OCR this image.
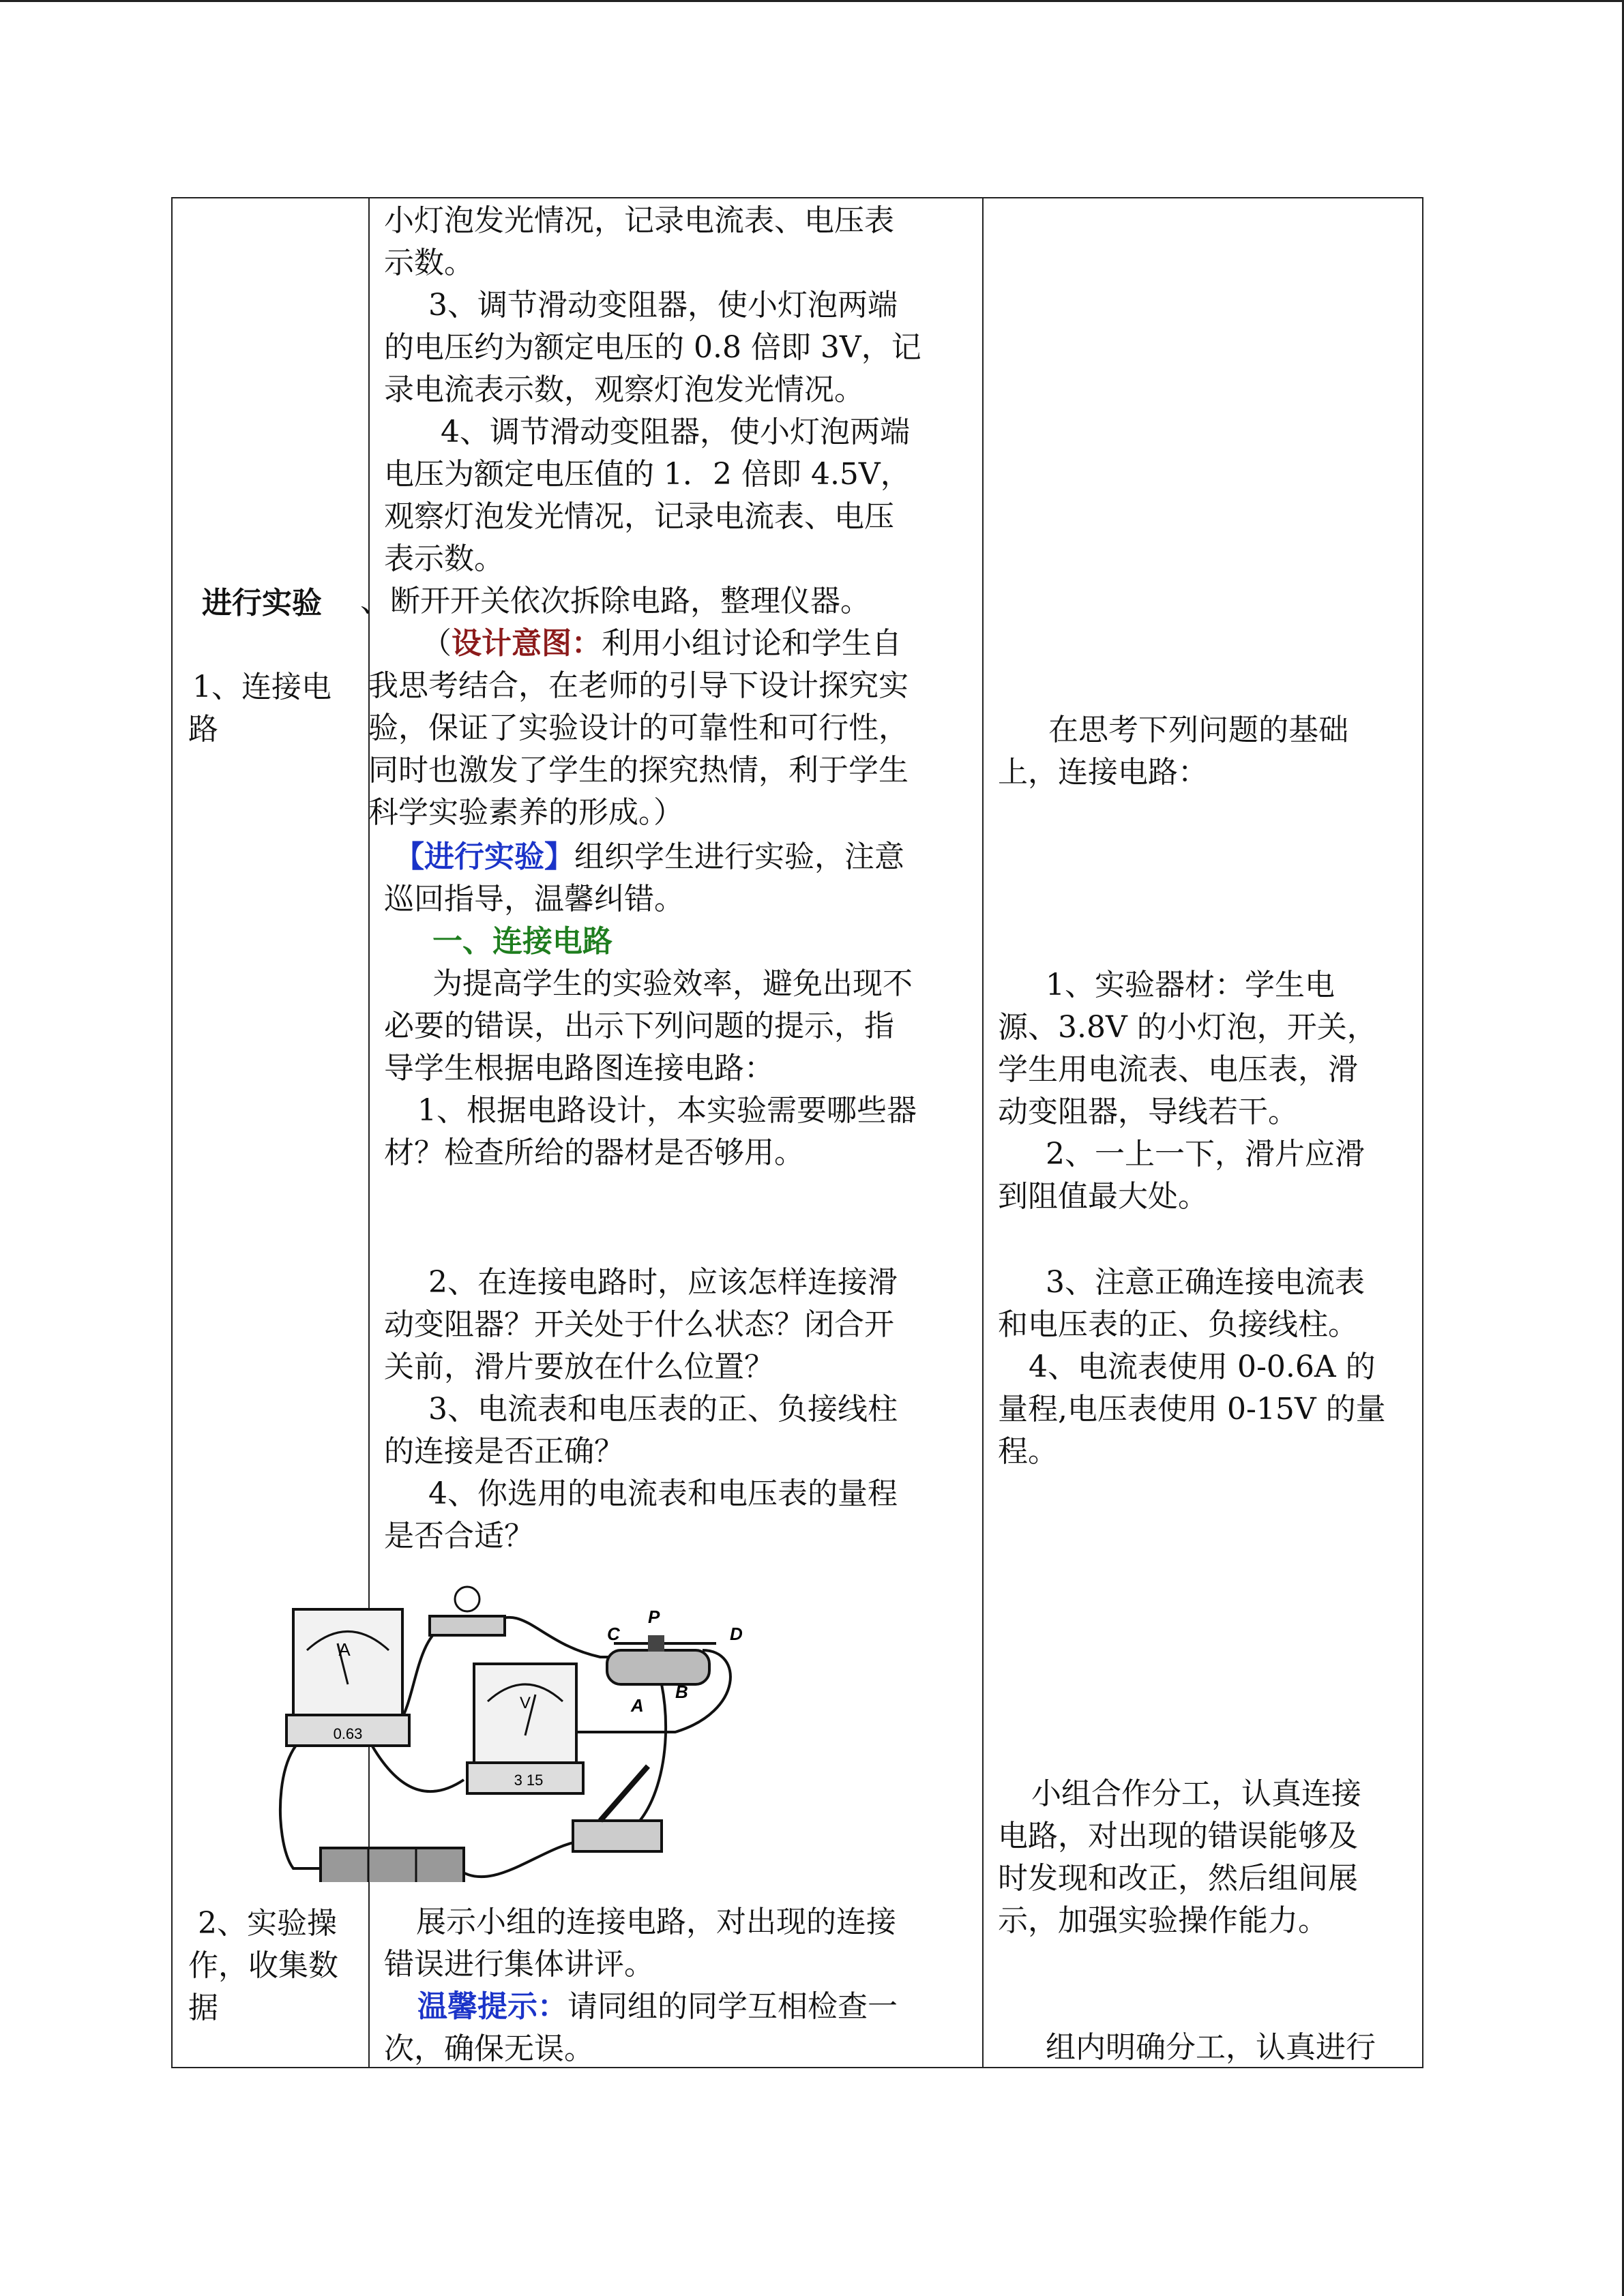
进行实验
1、连接电
路
2、实验操
作，收集数
据
小灯泡发光情况，记录电流表、电压表
示数。
3、调节滑动变阻器，使小灯泡两端
的电压约为额定电压的 0.8 倍即 3V，记
录电流表示数，观察灯泡发光情况。
4、调节滑动变阻器，使小灯泡两端
电压为额定电压值的 1．2 倍即 4.5V，
观察灯泡发光情况，记录电流表、电压
表示数。
、断开开关依次拆除电路，整理仪器。
（设计意图：利用小组讨论和学生自
我思考结合，在老师的引导下设计探究实
验，保证了实验设计的可靠性和可行性，
同时也激发了学生的探究热情，利于学生
科学实验素养的形成。）
【进行实验】组织学生进行实验，注意
巡回指导，温馨纠错。
一、连接电路
为提高学生的实验效率，避免出现不
必要的错误，出示下列问题的提示，指
导学生根据电路图连接电路：
1、根据电路设计，本实验需要哪些器
材？检查所给的器材是否够用。
2、在连接电路时，应该怎样连接滑
动变阻器？开关处于什么状态？闭合开
关前，滑片要放在什么位置？
3、电流表和电压表的正、负接线柱
的连接是否正确？
4、你选用的电流表和电压表的量程
是否合适？
A
0.63
V
3 15
C
P
D
A
B
展示小组的连接电路，对出现的连接
错误进行集体讲评。
温馨提示：请同组的同学互相检查一
次，确保无误。
在思考下列问题的基础
上，连接电路：
1、实验器材：学生电
源、3.8V 的小灯泡，开关，
学生用电流表、电压表，滑
动变阻器，导线若干。
2、一上一下，滑片应滑
到阻值最大处。
3、注意正确连接电流表
和电压表的正、负接线柱。
4、电流表使用 0-0.6A 的
量程,电压表使用 0-15V 的量
程。
小组合作分工，认真连接
电路，对出现的错误能够及
时发现和改正，然后组间展
示，加强实验操作能力。
组内明确分工，认真进行
